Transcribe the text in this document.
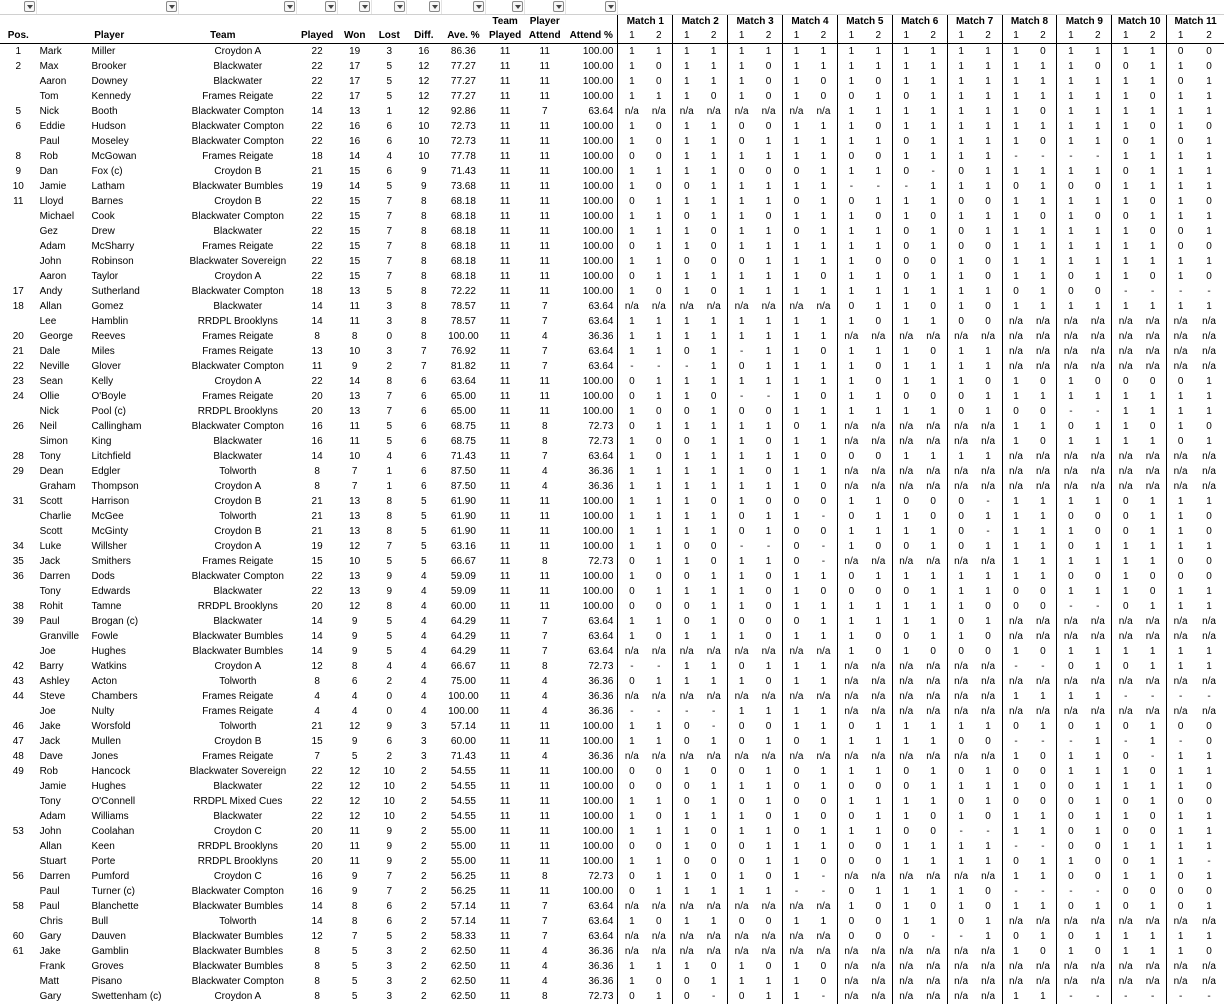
									Team	Player		Match 1		Match 2		Match 3		Match 4		Match 5		Match 6		Match 7		Match 8		Match 9		Match 10		Match 11	
Pos.	Player		Team	Played	Won	Lost	Diff.	Ave. %	Played	Attend	Attend %	1	2	1	2	1	2	1	2	1	2	1	2	1	2	1	2	1	2	1	2	1	2
1	Mark	Miller	Croydon A	22	19	3	16	86.36	11	11	100.00	1	1	1	1	1	1	1	1	1	1	1	1	1	1	1	0	1	1	1	1	0	0
2	Max	Brooker	Blackwater	22	17	5	12	77.27	11	11	100.00	1	0	1	1	1	0	1	1	1	1	1	1	1	1	1	1	1	0	0	1	1	0
	Aaron	Downey	Blackwater	22	17	5	12	77.27	11	11	100.00	1	0	1	1	1	0	1	0	1	0	1	1	1	1	1	1	1	1	1	1	0	1
	Tom	Kennedy	Frames Reigate	22	17	5	12	77.27	11	11	100.00	1	1	1	0	1	0	1	0	0	1	0	1	1	1	1	1	1	1	1	0	1	1
5	Nick	Booth	Blackwater Compton	14	13	1	12	92.86	11	7	63.64	n/a	n/a	n/a	n/a	n/a	n/a	n/a	n/a	1	1	1	1	1	1	1	0	1	1	1	1	1	1
6	Eddie	Hudson	Blackwater Compton	22	16	6	10	72.73	11	11	100.00	1	0	1	1	0	0	1	1	1	0	1	1	1	1	1	1	1	1	1	0	1	0
	Paul	Moseley	Blackwater Compton	22	16	6	10	72.73	11	11	100.00	1	0	1	1	0	1	1	1	1	1	0	1	1	1	1	0	1	1	0	1	0	1
8	Rob	McGowan	Frames Reigate	18	14	4	10	77.78	11	11	100.00	0	0	1	1	1	1	1	1	0	0	1	1	1	1	-	-	-	-	1	1	1	1
9	Dan	Fox (c)	Croydon B	21	15	6	9	71.43	11	11	100.00	1	1	1	1	0	0	0	1	1	1	0	-	0	1	1	1	1	1	0	1	1	1
10	Jamie	Latham	Blackwater Bumbles	19	14	5	9	73.68	11	11	100.00	1	0	0	1	1	1	1	1	-	-	-	1	1	1	0	1	0	0	1	1	1	1
11	Lloyd	Barnes	Croydon B	22	15	7	8	68.18	11	11	100.00	0	1	1	1	1	1	0	1	0	1	1	1	0	0	1	1	1	1	1	0	1	0
	Michael	Cook	Blackwater Compton	22	15	7	8	68.18	11	11	100.00	1	1	0	1	1	0	1	1	1	0	1	0	1	1	1	0	1	0	0	1	1	1
	Gez	Drew	Blackwater	22	15	7	8	68.18	11	11	100.00	1	1	1	0	1	1	0	1	1	1	0	1	0	1	1	1	1	1	1	0	0	1
	Adam	McSharry	Frames Reigate	22	15	7	8	68.18	11	11	100.00	0	1	1	0	1	1	1	1	1	1	0	1	0	0	1	1	1	1	1	1	0	0
	John	Robinson	Blackwater Sovereign	22	15	7	8	68.18	11	11	100.00	1	1	0	0	0	1	1	1	1	0	0	0	1	0	1	1	1	1	1	1	1	1
	Aaron	Taylor	Croydon A	22	15	7	8	68.18	11	11	100.00	0	1	1	1	1	1	1	0	1	1	0	1	1	0	1	1	0	1	1	0	1	0
17	Andy	Sutherland	Blackwater Compton	18	13	5	8	72.22	11	11	100.00	1	0	1	0	1	1	1	1	1	1	1	1	1	1	0	1	0	0	-	-	-	-
18	Allan	Gomez	Blackwater	14	11	3	8	78.57	11	7	63.64	n/a	n/a	n/a	n/a	n/a	n/a	n/a	n/a	0	1	1	0	1	0	1	1	1	1	1	1	1	1
	Lee	Hamblin	RRDPL Brooklyns	14	11	3	8	78.57	11	7	63.64	1	1	1	1	1	1	1	1	1	0	1	1	0	0	n/a	n/a	n/a	n/a	n/a	n/a	n/a	n/a
20	George	Reeves	Frames Reigate	8	8	0	8	100.00	11	4	36.36	1	1	1	1	1	1	1	1	n/a	n/a	n/a	n/a	n/a	n/a	n/a	n/a	n/a	n/a	n/a	n/a	n/a	n/a
21	Dale	Miles	Frames Reigate	13	10	3	7	76.92	11	7	63.64	1	1	0	1	-	1	1	0	1	1	1	0	1	1	n/a	n/a	n/a	n/a	n/a	n/a	n/a	n/a
22	Neville	Glover	Blackwater Compton	11	9	2	7	81.82	11	7	63.64	-	-	-	1	0	1	1	1	1	0	1	1	1	1	n/a	n/a	n/a	n/a	n/a	n/a	n/a	n/a
23	Sean	Kelly	Croydon A	22	14	8	6	63.64	11	11	100.00	0	1	1	1	1	1	1	1	1	0	1	1	1	0	1	0	1	0	0	0	0	1
24	Ollie	O'Boyle	Frames Reigate	20	13	7	6	65.00	11	11	100.00	0	1	1	0	-	-	1	0	1	1	0	0	0	1	1	1	1	1	1	1	1	1
	Nick	Pool (c)	RRDPL Brooklyns	20	13	7	6	65.00	11	11	100.00	1	0	0	1	0	0	1	1	1	1	1	1	0	1	0	0	-	-	1	1	1	1
26	Neil	Callingham	Blackwater Compton	16	11	5	6	68.75	11	8	72.73	0	1	1	1	1	1	0	1	n/a	n/a	n/a	n/a	n/a	n/a	1	1	0	1	1	0	1	0
	Simon	King	Blackwater	16	11	5	6	68.75	11	8	72.73	1	0	0	1	1	0	1	1	n/a	n/a	n/a	n/a	n/a	n/a	1	0	1	1	1	1	0	1
28	Tony	Litchfield	Blackwater	14	10	4	6	71.43	11	7	63.64	1	0	1	1	1	1	1	0	0	0	1	1	1	1	n/a	n/a	n/a	n/a	n/a	n/a	n/a	n/a
29	Dean	Edgler	Tolworth	8	7	1	6	87.50	11	4	36.36	1	1	1	1	1	0	1	1	n/a	n/a	n/a	n/a	n/a	n/a	n/a	n/a	n/a	n/a	n/a	n/a	n/a	n/a
	Graham	Thompson	Croydon A	8	7	1	6	87.50	11	4	36.36	1	1	1	1	1	1	1	0	n/a	n/a	n/a	n/a	n/a	n/a	n/a	n/a	n/a	n/a	n/a	n/a	n/a	n/a
31	Scott	Harrison	Croydon B	21	13	8	5	61.90	11	11	100.00	1	1	1	0	1	0	0	0	1	1	0	0	0	-	1	1	1	1	0	1	1	1
	Charlie	McGee	Tolworth	21	13	8	5	61.90	11	11	100.00	1	1	1	1	0	1	1	-	0	1	1	0	0	1	1	1	0	0	0	1	1	0
	Scott	McGinty	Croydon B	21	13	8	5	61.90	11	11	100.00	1	1	1	1	0	1	0	0	1	1	1	1	0	-	1	1	1	0	0	1	1	0
34	Luke	Willsher	Croydon A	19	12	7	5	63.16	11	11	100.00	1	1	0	0	-	-	0	-	1	0	0	1	0	1	1	1	0	1	1	1	1	1
35	Jack	Smithers	Frames Reigate	15	10	5	5	66.67	11	8	72.73	0	1	1	0	1	1	0	-	n/a	n/a	n/a	n/a	n/a	n/a	1	1	1	1	1	1	0	0
36	Darren	Dods	Blackwater Compton	22	13	9	4	59.09	11	11	100.00	1	0	0	1	1	0	1	1	0	1	1	1	1	1	1	1	0	0	1	0	0	0
	Tony	Edwards	Blackwater	22	13	9	4	59.09	11	11	100.00	0	1	1	1	1	0	1	0	0	0	0	1	1	1	0	0	1	1	1	0	1	1
38	Rohit	Tamne	RRDPL Brooklyns	20	12	8	4	60.00	11	11	100.00	0	0	0	1	1	0	1	1	1	1	1	1	1	0	0	0	-	-	0	1	1	1
39	Paul	Brogan (c)	Blackwater	14	9	5	4	64.29	11	7	63.64	1	1	0	1	0	0	0	1	1	1	1	1	0	1	n/a	n/a	n/a	n/a	n/a	n/a	n/a	n/a
	Granville	Fowle	Blackwater Bumbles	14	9	5	4	64.29	11	7	63.64	1	0	1	1	1	0	1	1	1	0	0	1	1	0	n/a	n/a	n/a	n/a	n/a	n/a	n/a	n/a
	Joe	Hughes	Blackwater Bumbles	14	9	5	4	64.29	11	7	63.64	n/a	n/a	n/a	n/a	n/a	n/a	n/a	n/a	1	0	1	0	0	0	1	0	1	1	1	1	1	1
42	Barry	Watkins	Croydon A	12	8	4	4	66.67	11	8	72.73	-	-	1	1	0	1	1	1	n/a	n/a	n/a	n/a	n/a	n/a	-	-	0	1	0	1	1	1
43	Ashley	Acton	Tolworth	8	6	2	4	75.00	11	4	36.36	0	1	1	1	1	0	1	1	n/a	n/a	n/a	n/a	n/a	n/a	n/a	n/a	n/a	n/a	n/a	n/a	n/a	n/a
44	Steve	Chambers	Frames Reigate	4	4	0	4	100.00	11	4	36.36	n/a	n/a	n/a	n/a	n/a	n/a	n/a	n/a	n/a	n/a	n/a	n/a	n/a	n/a	1	1	1	1	-	-	-	-
	Joe	Nulty	Frames Reigate	4	4	0	4	100.00	11	4	36.36	-	-	-	-	1	1	1	1	n/a	n/a	n/a	n/a	n/a	n/a	n/a	n/a	n/a	n/a	n/a	n/a	n/a	n/a
46	Jake	Worsfold	Tolworth	21	12	9	3	57.14	11	11	100.00	1	1	0	-	0	0	1	1	0	1	1	1	1	1	0	1	0	1	0	1	0	0
47	Jack	Mullen	Croydon B	15	9	6	3	60.00	11	11	100.00	1	1	0	1	0	1	0	1	1	1	1	1	0	0	-	-	-	1	-	1	-	0
48	Dave	Jones	Frames Reigate	7	5	2	3	71.43	11	4	36.36	n/a	n/a	n/a	n/a	n/a	n/a	n/a	n/a	n/a	n/a	n/a	n/a	n/a	n/a	1	0	1	1	0	-	1	1
49	Rob	Hancock	Blackwater Sovereign	22	12	10	2	54.55	11	11	100.00	0	0	1	0	0	1	0	1	1	1	0	1	0	1	0	0	1	1	1	0	1	1
	Jamie	Hughes	Blackwater	22	12	10	2	54.55	11	11	100.00	0	0	0	1	1	1	0	1	0	0	0	1	1	1	1	0	0	1	1	1	1	0
	Tony	O'Connell	RRDPL Mixed Cues	22	12	10	2	54.55	11	11	100.00	1	1	0	1	0	1	0	0	1	1	1	1	0	1	0	0	0	1	0	1	0	0
	Adam	Williams	Blackwater	22	12	10	2	54.55	11	11	100.00	1	0	1	1	1	0	1	0	0	1	1	0	1	0	1	1	0	1	1	0	1	1
53	John	Coolahan	Croydon C	20	11	9	2	55.00	11	11	100.00	1	1	1	0	1	1	0	1	1	1	0	0	-	-	1	1	0	1	0	0	1	1
	Allan	Keen	RRDPL Brooklyns	20	11	9	2	55.00	11	11	100.00	0	0	1	0	0	1	1	1	0	0	1	1	1	1	-	-	0	0	1	1	1	1
	Stuart	Porte	RRDPL Brooklyns	20	11	9	2	55.00	11	11	100.00	1	1	0	0	0	1	1	0	0	0	1	1	1	1	0	1	1	0	0	1	1	-
56	Darren	Pumford	Croydon C	16	9	7	2	56.25	11	8	72.73	0	1	1	0	1	0	1	-	n/a	n/a	n/a	n/a	n/a	n/a	1	1	0	0	1	1	0	1
	Paul	Turner (c)	Blackwater Compton	16	9	7	2	56.25	11	11	100.00	0	1	1	1	1	1	-	-	0	1	1	1	1	0	-	-	-	-	0	0	0	0
58	Paul	Blanchette	Blackwater Bumbles	14	8	6	2	57.14	11	7	63.64	n/a	n/a	n/a	n/a	n/a	n/a	n/a	n/a	1	0	1	0	1	0	1	1	0	1	0	1	0	1
	Chris	Bull	Tolworth	14	8	6	2	57.14	11	7	63.64	1	0	1	1	0	0	1	1	0	0	1	1	0	1	n/a	n/a	n/a	n/a	n/a	n/a	n/a	n/a
60	Gary	Dauven	Blackwater Bumbles	12	7	5	2	58.33	11	7	63.64	n/a	n/a	n/a	n/a	n/a	n/a	n/a	n/a	0	0	0	-	-	1	0	1	0	1	1	1	1	1
61	Jake	Gamblin	Blackwater Bumbles	8	5	3	2	62.50	11	4	36.36	n/a	n/a	n/a	n/a	n/a	n/a	n/a	n/a	n/a	n/a	n/a	n/a	n/a	n/a	1	0	1	0	1	1	1	0
	Frank	Groves	Blackwater Bumbles	8	5	3	2	62.50	11	4	36.36	1	1	1	0	1	0	1	0	n/a	n/a	n/a	n/a	n/a	n/a	n/a	n/a	n/a	n/a	n/a	n/a	n/a	n/a
	Matt	Pisano	Blackwater Compton	8	5	3	2	62.50	11	4	36.36	1	0	0	1	1	1	1	0	n/a	n/a	n/a	n/a	n/a	n/a	n/a	n/a	n/a	n/a	n/a	n/a	n/a	n/a
	Gary	Swettenham (c)	Croydon A	8	5	3	2	62.50	11	8	72.73	0	1	0	-	0	1	1	-	n/a	n/a	n/a	n/a	n/a	n/a	1	1	-	-	-	-	-	-
